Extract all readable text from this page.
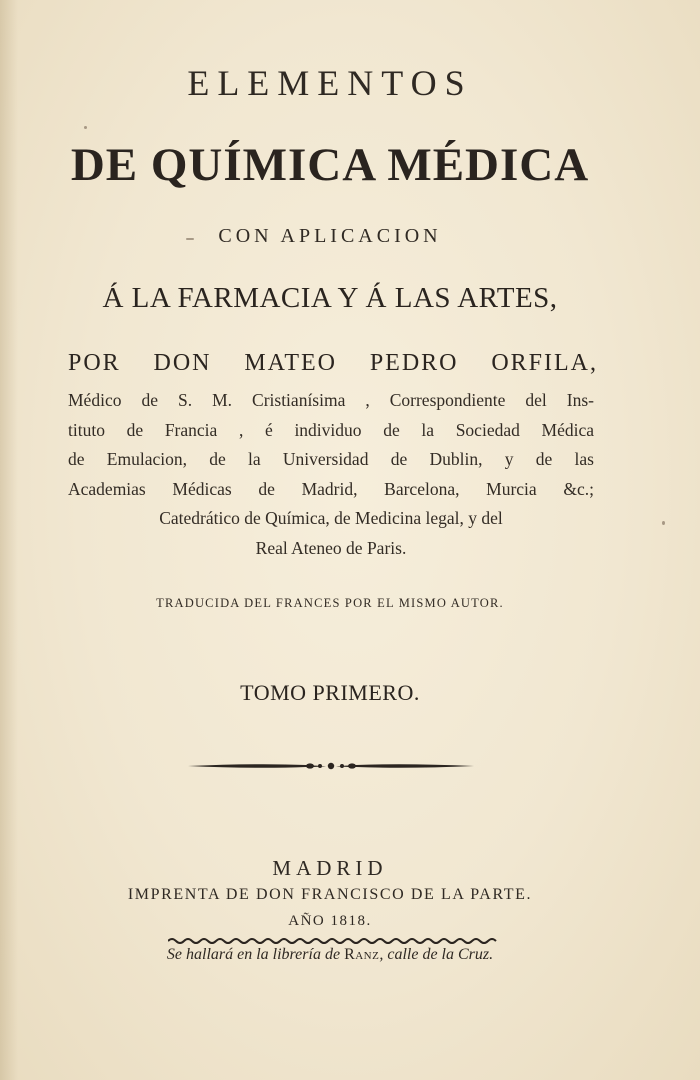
ELEMENTOS
DE QUÍMICA MÉDICA
CON APLICACION
Á LA FARMACIA Y Á LAS ARTES,
POR DON MATEO PEDRO ORFILA,
Médico de S. M. Cristianísima , Correspondiente del Ins-
tituto de Francia , é individuo de la Sociedad Médica
de Emulacion, de la Universidad de Dublin, y de las
Academias Médicas de Madrid, Barcelona, Murcia &c.;
Catedrático de Química, de Medicina legal, y del
Real Ateneo de Paris.
TRADUCIDA DEL FRANCES POR EL MISMO AUTOR.
TOMO PRIMERO.
MADRID
IMPRENTA DE DON FRANCISCO DE LA PARTE.
AÑO 1818.
Se hallará en la librería de Ranz, calle de la Cruz.
